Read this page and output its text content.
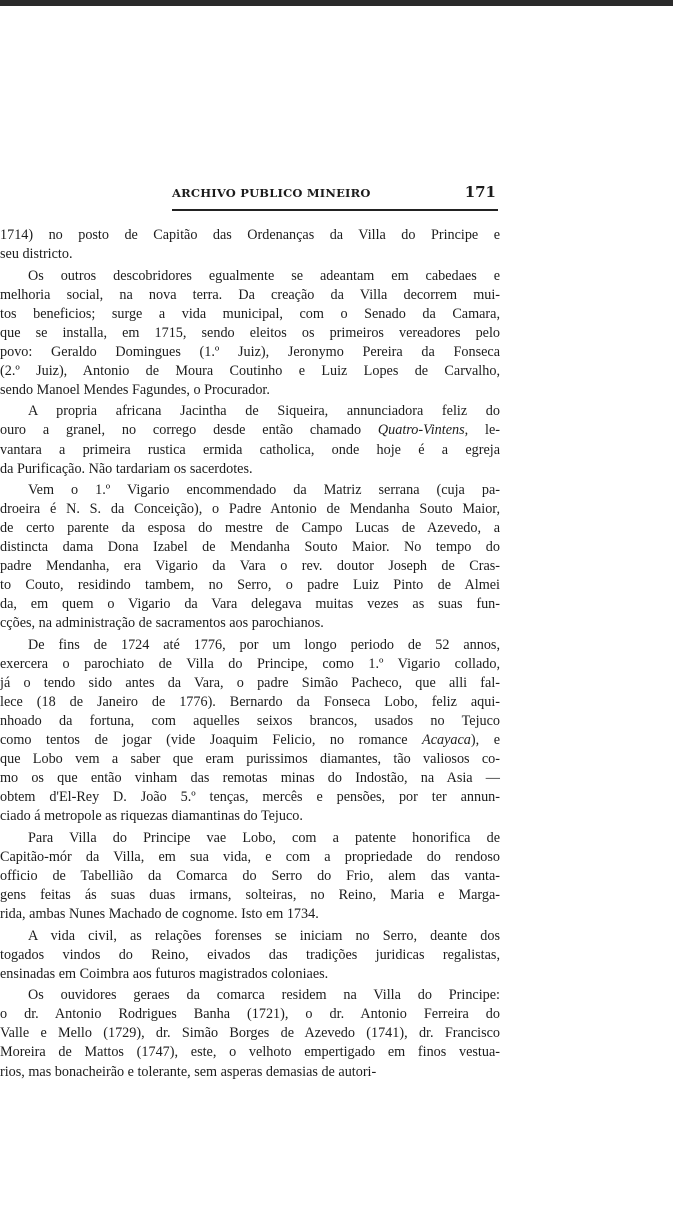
ARCHIVO PUBLICO MINEIRO	171
1714) no posto de Capitão das Ordenanças da Villa do Principe e
seu districto.
Os outros descobridores egualmente se adeantam em cabedaes e
melhoria social, na nova terra. Da creação da Villa decorrem mui-
tos beneficios; surge a vida municipal, com o Senado da Camara,
que se installa, em 1715, sendo eleitos os primeiros vereadores pelo
povo: Geraldo Domingues (1.º Juiz), Jeronymo Pereira da Fonseca
(2.º Juiz), Antonio de Moura Coutinho e Luiz Lopes de Carvalho,
sendo Manoel Mendes Fagundes, o Procurador.
A propria africana Jacintha de Siqueira, annunciadora feliz do
ouro a granel, no corrego desde então chamado Quatro-Vintens, le-
vantara a primeira rustica ermida catholica, onde hoje é a egreja
da Purificação. Não tardariam os sacerdotes.
Vem o 1.º Vigario encommendado da Matriz serrana (cuja pa-
droeira é N. S. da Conceição), o Padre Antonio de Mendanha Souto Maior,
de certo parente da esposa do mestre de Campo Lucas de Azevedo, a
distincta dama Dona Izabel de Mendanha Souto Maior. No tempo do
padre Mendanha, era Vigario da Vara o rev. doutor Joseph de Cras-
to Couto, residindo tambem, no Serro, o padre Luiz Pinto de Almei
da, em quem o Vigario da Vara delegava muitas vezes as suas fun-
cções, na administração de sacramentos aos parochianos.
De fins de 1724 até 1776, por um longo periodo de 52 annos,
exercera o parochiato de Villa do Principe, como 1.º Vigario collado,
já o tendo sido antes da Vara, o padre Simão Pacheco, que alli fal-
lece (18 de Janeiro de 1776). Bernardo da Fonseca Lobo, feliz aqui-
nhoado da fortuna, com aquelles seixos brancos, usados no Tejuco
como tentos de jogar (vide Joaquim Felicio, no romance Acayaca), e
que Lobo vem a saber que eram purissimos diamantes, tão valiosos co-
mo os que então vinham das remotas minas do Indostão, na Asia —
obtem d'El-Rey D. João 5.º tenças, mercês e pensões, por ter annun-
ciado á metropole as riquezas diamantinas do Tejuco.
Para Villa do Principe vae Lobo, com a patente honorifica de
Capitão-mór da Villa, em sua vida, e com a propriedade do rendoso
officio de Tabellião da Comarca do Serro do Frio, alem das vanta-
gens feitas ás suas duas irmans, solteiras, no Reino, Maria e Marga-
rida, ambas Nunes Machado de cognome. Isto em 1734.
A vida civil, as relações forenses se iniciam no Serro, deante dos
togados vindos do Reino, eivados das tradições juridicas regalistas,
ensinadas em Coimbra aos futuros magistrados coloniaes.
Os ouvidores geraes da comarca residem na Villa do Principe:
o dr. Antonio Rodrigues Banha (1721), o dr. Antonio Ferreira do
Valle e Mello (1729), dr. Simão Borges de Azevedo (1741), dr. Francisco
Moreira de Mattos (1747), este, o velhoto empertigado em finos vestua-
rios, mas bonacheirão e tolerante, sem asperas demasias de autori-
